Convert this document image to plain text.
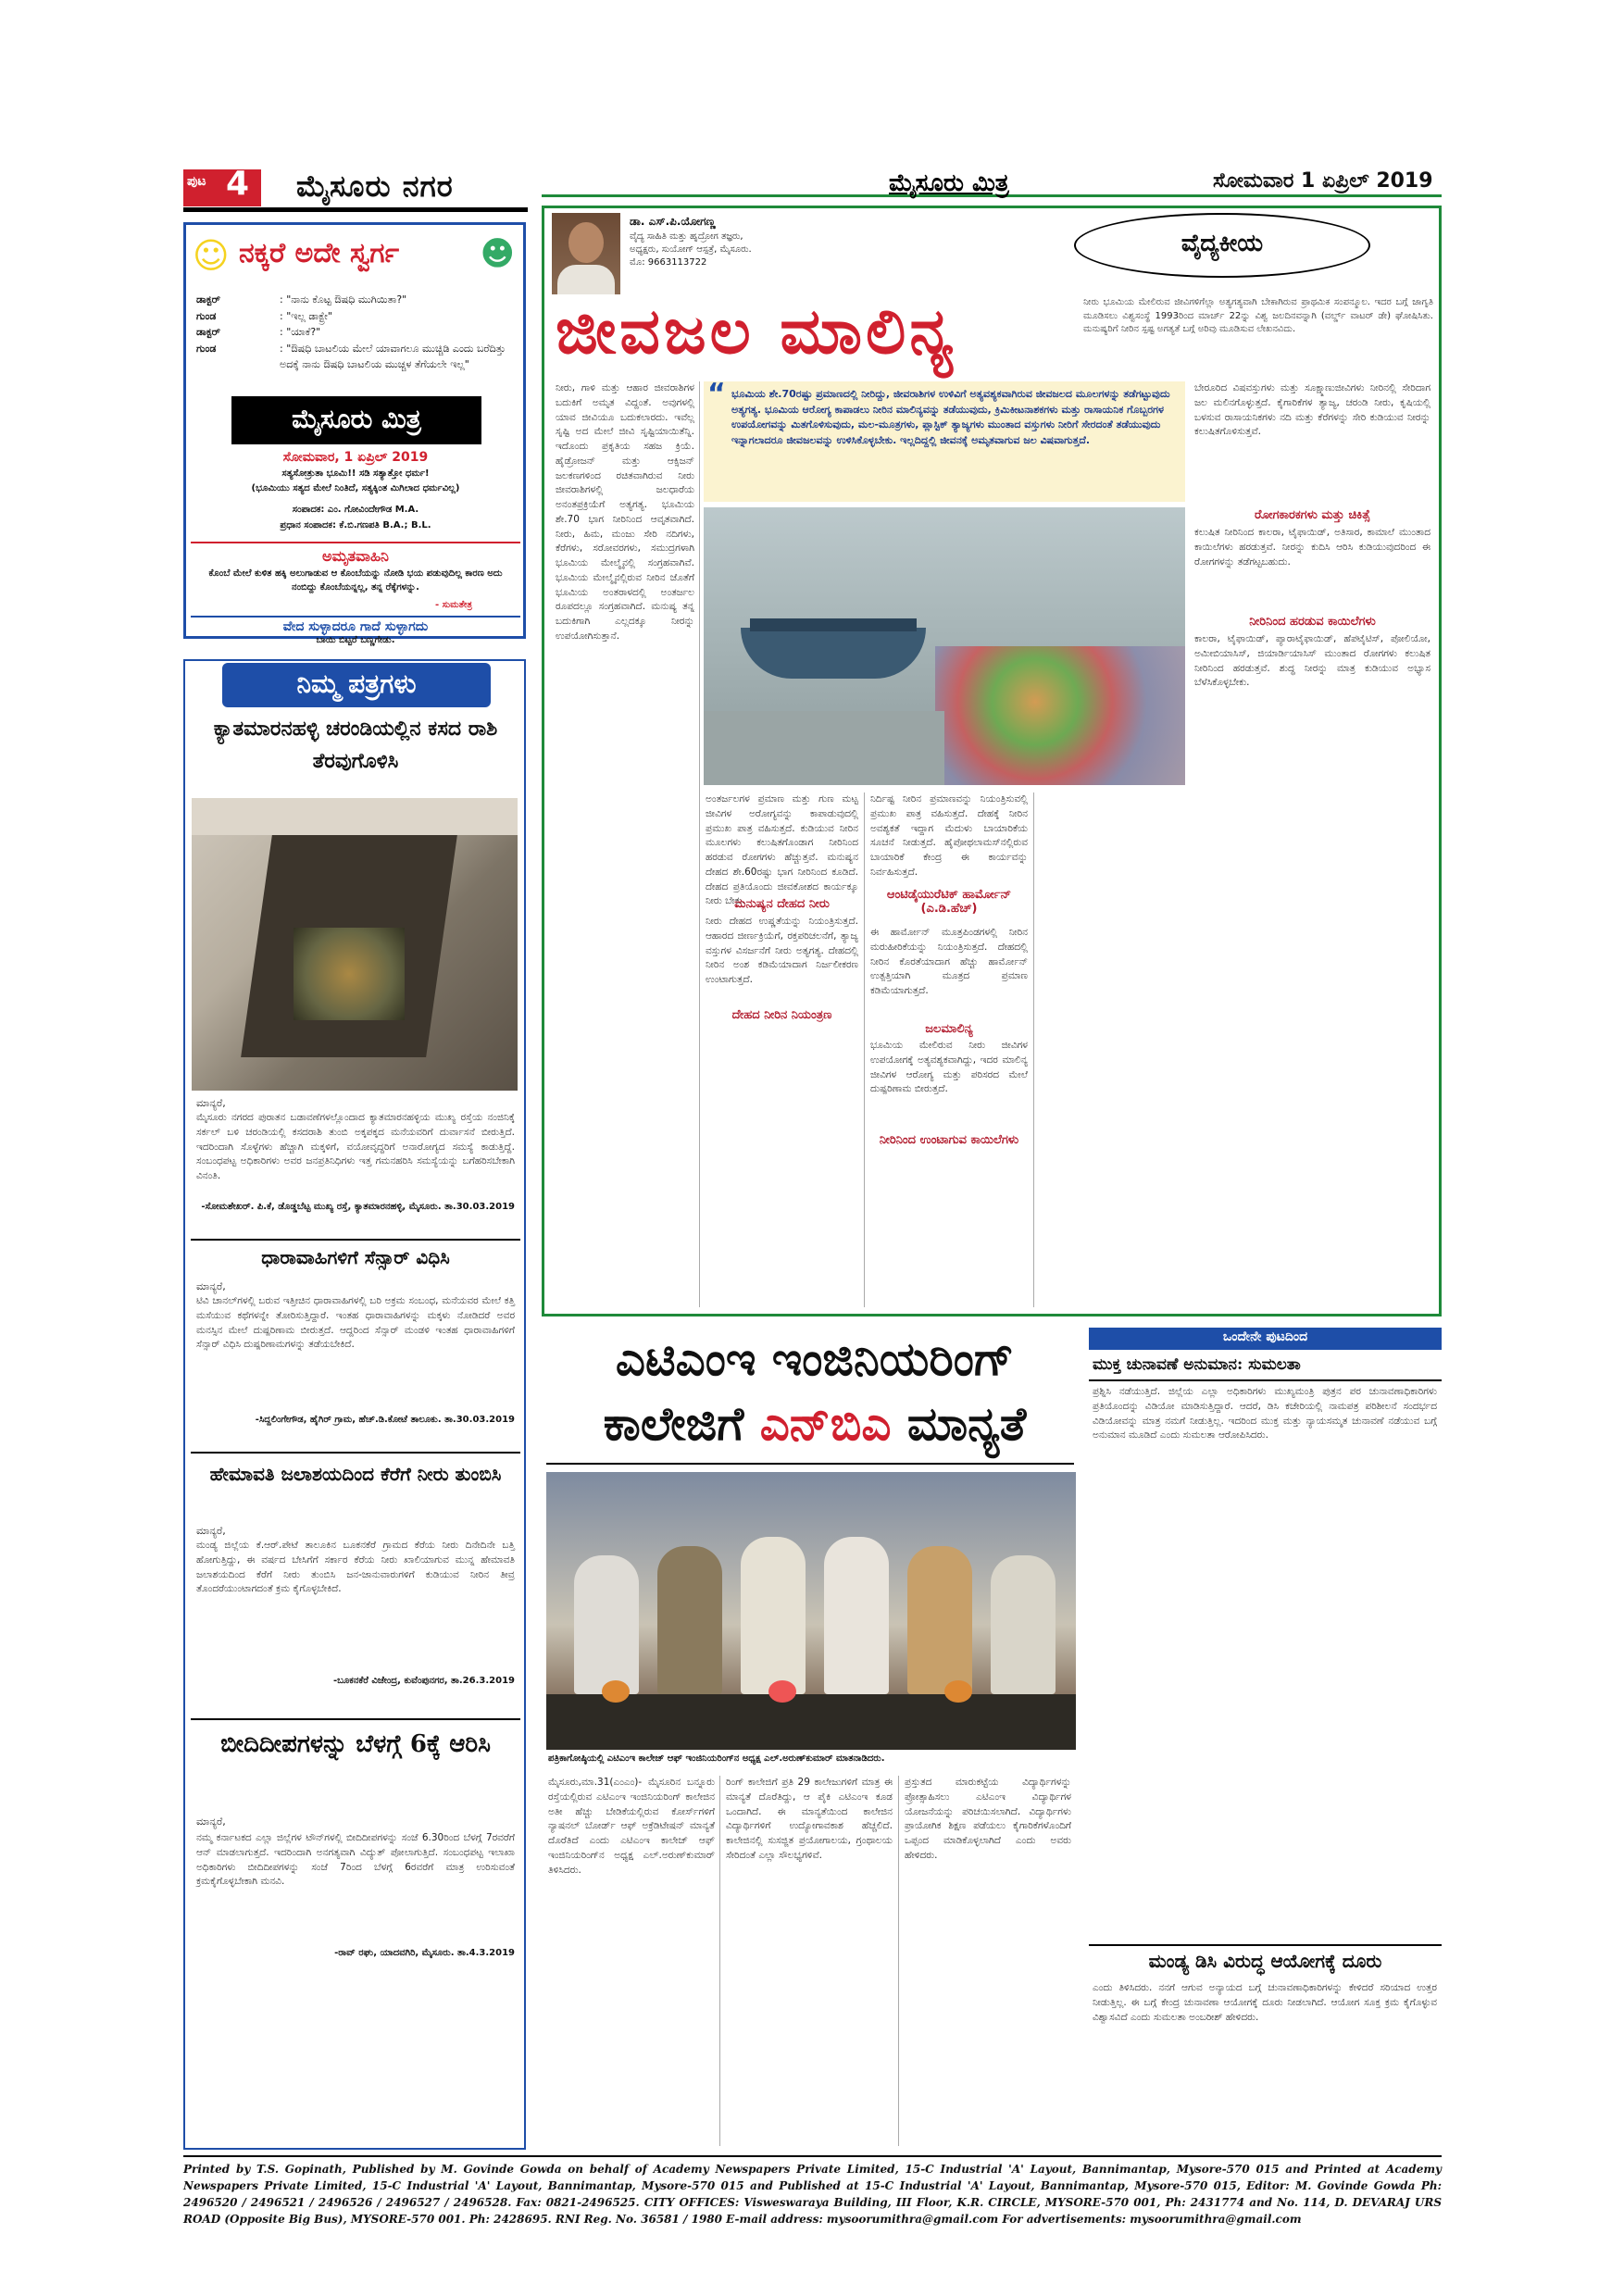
ಪುಟ 4 ಮೈಸೂರು ನಗರ	ಮೈಸೂರು ಮಿತ್ರ	ಸೋಮವಾರ 1 ಏಪ್ರಿಲ್ 2019
☺ ನಕ್ಕರೆ ಅದೇ ಸ್ವರ್ಗ ☻
ಡಾಕ್ಟರ್	: "ನಾನು ಕೊಟ್ಟ ಔಷಧಿ ಮುಗಿಯಿತಾ?"
ಗುಂಡ	: "ಇಲ್ಲ ಡಾಕ್ಟ್ರೇ"
ಡಾಕ್ಟರ್	: "ಯಾಕೆ?"
ಗುಂಡ	: "ಔಷಧಿ ಬಾಟಲಿಯ ಮೇಲೆ ಯಾವಾಗಲೂ ಮುಚ್ಚಿಡಿ ಎಂದು ಬರೆದಿತ್ತು ಅದಕ್ಕೆ ನಾನು ಔಷಧಿ ಬಾಟಲಿಯ ಮುಚ್ಚಳ ತೆಗೆಯಲೇ ಇಲ್ಲ"
ಮೈಸೂರು ಮಿತ್ರ
ಸೋಮವಾರ, 1 ಏಪ್ರಿಲ್ 2019
ಸತ್ಯಸೋತ್ರುತಾ ಭೂಮಿ!! ಸಡಿ ಸತ್ಯಾತ್ತೋ ಧರ್ಮ!
(ಭೂಮಿಯು ಸತ್ಯದ ಮೇಲೆ ನಿಂತಿದೆ, ಸತ್ಯಕ್ಕಿಂತ ಮಿಗಿಲಾದ ಧರ್ಮವಿಲ್ಲ)
ಸಂಪಾದಕ: ಎಂ. ಗೋವಿಂದೇಗೌಡ M.A.
ಪ್ರಧಾನ ಸಂಪಾದಕ: ಕೆ.ಬಿ.ಗಣಪತಿ B.A.; B.L.
ಅಮೃತವಾಹಿನಿ
ಕೊಂಬೆ ಮೇಲೆ ಕುಳಿತ ಹಕ್ಕಿ ಅಲುಗಾಡುವ ಆ ಕೊಂಬೆಯನ್ನು ನೋಡಿ ಭಯ ಪಡುವುದಿಲ್ಲ ಕಾರಣ ಅದು ನಂಬಿದ್ದು ಕೊಂಬೆಯನ್ನಲ್ಲ, ತನ್ನ ರೆಕ್ಕೆಗಳನ್ನು.
- ಸುಮತೇತ್ರ
ವೇದ ಸುಳ್ಳಾದರೂ ಗಾದೆ ಸುಳ್ಳಾಗದು
ಬಾಯಿ ಬಿಟ್ಟರೆ ಬಣ್ಣಗೇಡು.
ನಿಮ್ಮ ಪತ್ರಗಳು
ಕ್ಯಾತಮಾರನಹಳ್ಳಿ ಚರಂಡಿಯಲ್ಲಿನ ಕಸದ ರಾಶಿ ತೆರವುಗೊಳಿಸಿ
ಮಾನ್ಯರೆ,
ಮೈಸೂರು ನಗರದ ಪುರಾತನ ಬಡಾವಣೆಗಳಲ್ಲೊಂದಾದ ಕ್ಯಾತಮಾರನಹಳ್ಳಿಯ ಮುಖ್ಯ ರಸ್ತೆಯ ನಂಜಿನಿಕ್ಕೆ ಸರ್ಕಲ್ ಬಳಿ ಚರಂಡಿಯಲ್ಲಿ ಕಸದರಾಶಿ ತುಂಬಿ ಅಕ್ಕಪಕ್ಕದ ಮನೆಯವರಿಗೆ ದುರ್ವಾಸನೆ ಬೀರುತ್ತಿದೆ. ಇದರಿಂದಾಗಿ ಸೊಳ್ಳೆಗಳು ಹೆಚ್ಚಾಗಿ ಮಕ್ಕಳಿಗೆ, ವಯೋವೃದ್ಧರಿಗೆ ಅನಾರೋಗ್ಯದ ಸಮಸ್ಯೆ ಕಾಡುತ್ತಿದ್ದೆ. ಸಂಬಂಧಪಟ್ಟ ಅಧಿಕಾರಿಗಳು ಅವರ ಜನಪ್ರತಿನಿಧಿಗಳು ಇತ್ತ ಗಮನಹರಿಸಿ ಸಮಸ್ಯೆಯನ್ನು ಬಗೆಹರಿಸಬೇಕಾಗಿ ವಿನಂತಿ.
-ಸೋಮಶೇಖರ್. ಪಿ.ಕೆ, ಡೊಡ್ಡಬೆಟ್ಟ ಮುಖ್ಯ ರಸ್ತೆ, ಕ್ಯಾತಮಾರನಹಳ್ಳಿ, ಮೈಸೂರು. ತಾ.30.03.2019
ಧಾರಾವಾಹಿಗಳಿಗೆ ಸೆನ್ಸಾರ್ ವಿಧಿಸಿ
ಮಾನ್ಯರೆ,
ಟಿವಿ ಚಾನಲ್‌ಗಳಲ್ಲಿ ಬರುವ ಇತ್ತೀಚಿನ ಧಾರಾವಾಹಿಗಳಲ್ಲಿ ಬರಿ ಅಕ್ರಮ ಸಂಬಂಧ, ಮನೆಯವರ ಮೇಲೆ ಕತ್ತಿ ಮಸೆಯುವ ಕಥೆಗಳನ್ನೇ ತೋರಿಸುತ್ತಿದ್ದಾರೆ. ಇಂತಹ ಧಾರಾವಾಹಿಗಳನ್ನು ಮಕ್ಕಳು ನೋಡಿದರೆ ಅವರ ಮನಸ್ಸಿನ ಮೇಲೆ ದುಷ್ಪರಿಣಾಮ ಬೀರುತ್ತದೆ. ಆದ್ದರಿಂದ ಸೆನ್ಸಾರ್ ಮಂಡಳಿ ಇಂತಹ ಧಾರಾವಾಹಿಗಳಿಗೆ ಸೆನ್ಸಾರ್ ವಿಧಿಸಿ ದುಷ್ಪರಿಣಾಮಗಳನ್ನು ತಡೆಯಬೇಕಿದೆ.
-ಸಿದ್ದಲಿಂಗೇಗೌಡ, ಹೈಗಿರ್ ಗ್ರಾಮ, ಹೆಚ್.ಡಿ.ಕೋಟೆ ತಾಲೂಕು. ತಾ.30.03.2019
ಹೇಮಾವತಿ ಜಲಾಶಯದಿಂದ ಕೆರೆಗೆ ನೀರು ತುಂಬಿಸಿ
ಮಾನ್ಯರೆ,
ಮಂಡ್ಯ ಜಿಲ್ಲೆಯ ಕೆ.ಆರ್.ಪೇಟೆ ತಾಲೂಕಿನ ಬೂಕನಕೆರೆ ಗ್ರಾಮದ ಕೆರೆಯ ನೀರು ದಿನೇದಿನೇ ಬತ್ತಿ ಹೋಗುತ್ತಿದ್ದು, ಈ ವರ್ಷದ ಬೇಸಿಗೆಗೆ ಸರ್ಕಾರ ಕೆರೆಯ ನೀರು ಖಾಲಿಯಾಗುವ ಮುನ್ನ ಹೇಮಾವತಿ ಜಲಾಶಯದಿಂದ ಕೆರೆಗೆ ನೀರು ತುಂಬಿಸಿ ಜನ-ಜಾನುವಾರುಗಳಿಗೆ ಕುಡಿಯುವ ನೀರಿನ ತೀವ್ರ ತೊಂದರೆಯುಂಟಾಗದಂತೆ ಕ್ರಮ ಕೈಗೊಳ್ಳಬೇಕಿದೆ.
-ಬೂಕನಕೆರೆ ವಿಜೇಂದ್ರ, ಕುವೆಂಪುನಗರ, ತಾ.26.3.2019
ಬೀದಿದೀಪಗಳನ್ನು ಬೆಳಗ್ಗೆ 6ಕ್ಕೆ ಆರಿಸಿ
ಮಾನ್ಯರೆ,
ನಮ್ಮ ಕರ್ನಾಟಕದ ಎಲ್ಲಾ ಜಿಲ್ಲೆಗಳ ಟೌನ್‌ಗಳಲ್ಲಿ ಬೀದಿದೀಪಗಳನ್ನು ಸಂಜೆ 6.30ರಿಂದ ಬೆಳಗ್ಗೆ 7ರವರೆಗೆ ಆನ್ ಮಾಡಲಾಗುತ್ತದೆ. ಇದರಿಂದಾಗಿ ಅನಗತ್ಯವಾಗಿ ವಿದ್ಯುತ್ ಪೋಲಾಗುತ್ತಿದೆ. ಸಂಬಂಧಪಟ್ಟ ಇಲಾಖಾ ಅಧಿಕಾರಿಗಳು ಬೀದಿದೀಪಗಳನ್ನು ಸಂಜೆ 7ರಿಂದ ಬೆಳಗ್ಗೆ 6ರವರೆಗೆ ಮಾತ್ರ ಉರಿಸುವಂತೆ ಕ್ರಮಕೈಗೊಳ್ಳಬೇಕಾಗಿ ಮನವಿ.
-ರಾವ್ ರಘು, ಯಾದವಗಿರಿ, ಮೈಸೂರು. ತಾ.4.3.2019
ಡಾ. ಎಸ್.ಪಿ.ಯೋಗಣ್ಣ
ವೈದ್ಯ ಸಾಹಿತಿ ಮತ್ತು ಹೃದ್ರೋಗ ತಜ್ಞರು,
ಅಧ್ಯಕ್ಷರು, ಸುಯೋಗ್ ಆಸ್ಪತ್ರೆ, ಮೈಸೂರು.
ಮೊ: 9663113722
ವೈದ್ಯಕೀಯ
ಜೀವಜಲ ಮಾಲಿನ್ಯ	ನೀರು ಭೂಮಿಯ ಮೇಲಿರುವ ಜೀವಿಗಳಿಗೆಲ್ಲಾ ಅತ್ಯಗತ್ಯವಾಗಿ ಬೇಕಾಗಿರುವ ಪ್ರಾಥಮಿಕ ಸಂಪನ್ಮೂಲ. ಇದರ ಬಗ್ಗೆ ಜಾಗೃತಿ ಮೂಡಿಸಲು ವಿಶ್ವಸಂಸ್ಥೆ 1993ರಿಂದ ಮಾರ್ಚ್ 22ನ್ನು ವಿಶ್ವ ಜಲದಿನವನ್ನಾಗಿ (ವರ್ಲ್ಡ್ ವಾಟರ್ ಡೇ) ಘೋಷಿಸಿತು. ಮನುಷ್ಯರಿಗೆ ನೀರಿನ ಸ್ಪಷ್ಟ ಅಗತ್ಯತೆ ಬಗ್ಗೆ ಅರಿವು ಮೂಡಿಸುವ ಲೇಖನವಿದು.
“ ಭೂಮಿಯ ಶೇ.70ರಷ್ಟು ಪ್ರಮಾಣದಲ್ಲಿ ನೀರಿದ್ದು, ಜೀವರಾಶಿಗಳ ಉಳಿವಿಗೆ ಅತ್ಯವಶ್ಯಕವಾಗಿರುವ ಜೀವಜಲದ ಮೂಲಗಳನ್ನು ತಡೆಗಟ್ಟುವುದು ಅತ್ಯಗತ್ಯ. ಭೂಮಿಯ ಆರೋಗ್ಯ ಕಾಪಾಡಲು ನೀರಿನ ಮಾಲಿನ್ಯವನ್ನು ತಡೆಯುವುದು, ಕ್ರಿಮಿಕೀಟನಾಶಕಗಳು ಮತ್ತು ರಾಸಾಯನಿಕ ಗೊಬ್ಬರಗಳ ಉಪಯೋಗವನ್ನು ಮಿತಗೊಳಿಸುವುದು, ಮಲ-ಮೂತ್ರಗಳು, ಪ್ಲಾಸ್ಟಿಕ್ ತ್ಯಾಜ್ಯಗಳು ಮುಂತಾದ ವಸ್ತುಗಳು ನೀರಿಗೆ ಸೇರದಂತೆ ತಡೆಯುವುದು ಇನ್ನಾಗಲಾದರೂ ಜೀವಜಲವನ್ನು ಉಳಿಸಿಕೊಳ್ಳಬೇಕು. ಇಲ್ಲದಿದ್ದಲ್ಲಿ ಜೀವನಕ್ಕೆ ಅಮೃತವಾಗುವ ಜಲ ವಿಷವಾಗುತ್ತದೆ.
ನೀರು, ಗಾಳಿ ಮತ್ತು ಆಹಾರ ಜೀವರಾಶಿಗಳ ಬದುಕಿಗೆ ಅಮೃತ ವಿದ್ದಂತೆ. ಅವುಗಳಲ್ಲಿ ಯಾವ ಜೀವಿಯೂ ಬದುಕಲಾರದು. ಇವೆಲ್ಲ ಸೃಷ್ಟಿ ಅದ ಮೇಲೆ ಜೀವಿ ಸೃಷ್ಟಿಯಾಯಿತೆನ್ನಿ. ಇದೊಂದು ಪ್ರಕೃತಿಯ ಸಹಜ ಕ್ರಿಯೆ. ಹೈಡ್ರೋಜನ್ ಮತ್ತು ಆಕ್ಸಿಜನ್ ಜಲಕಣಗಳಿಂದ ರಚಿತವಾಗಿರುವ ನೀರು ಜೀವರಾಶಿಗಳಲ್ಲಿ ಜಲಧಾರೆಯ ಅನಂತಪ್ರಕ್ರಿಯೆಗೆ ಅತ್ಯಗತ್ಯ. ಭೂಮಿಯ ಶೇ.70 ಭಾಗ ನೀರಿನಿಂದ ಆವೃತವಾಗಿದೆ. ನೀರು, ಹಿಮ, ಮಂಜು ಸೇರಿ ನದಿಗಳು, ಕೆರೆಗಳು, ಸರೋವರಗಳು, ಸಮುದ್ರಗಳಾಗಿ ಭೂಮಿಯ ಮೇಲ್ಮೈನಲ್ಲಿ ಸಂಗ್ರಹವಾಗಿವೆ. ಭೂಮಿಯ ಮೇಲ್ಮೈನಲ್ಲಿರುವ ನೀರಿನ ಜೊತೆಗೆ ಭೂಮಿಯ ಅಂತರಾಳದಲ್ಲಿ ಅಂತರ್ಜಲ ರೂಪದಲ್ಲೂ ಸಂಗ್ರಹವಾಗಿದೆ. ಮನುಷ್ಯ ತನ್ನ ಬದುಕಿಗಾಗಿ ಎಲ್ಲದಕ್ಕೂ ನೀರನ್ನು ಉಪಯೋಗಿಸುತ್ತಾನೆ.
ಅಂತರ್ಜಲಗಳ ಪ್ರಮಾಣ ಮತ್ತು ಗುಣ ಮಟ್ಟ ಜೀವಿಗಳ ಅರೋಗ್ಯವನ್ನು ಕಾಪಾಡುವುದಲ್ಲಿ ಪ್ರಮುಖ ಪಾತ್ರ ವಹಿಸುತ್ತದೆ. ಕುಡಿಯುವ ನೀರಿನ ಮೂಲಗಳು ಕಲುಷಿತಗೊಂಡಾಗ ನೀರಿನಿಂದ ಹರಡುವ ರೋಗಗಳು ಹೆಚ್ಚುತ್ತವೆ. ಮನುಷ್ಯನ ದೇಹದ ಶೇ.60ರಷ್ಟು ಭಾಗ ನೀರಿನಿಂದ ಕೂಡಿದೆ. ದೇಹದ ಪ್ರತಿಯೊಂದು ಜೀವಕೋಶದ ಕಾರ್ಯಕ್ಕೂ ನೀರು ಬೇಕು.
ಮನುಷ್ಯನ ದೇಹದ ನೀರು
ನೀರು ದೇಹದ ಉಷ್ಣತೆಯನ್ನು ನಿಯಂತ್ರಿಸುತ್ತದೆ. ಆಹಾರದ ಜೀರ್ಣಕ್ರಿಯೆಗೆ, ರಕ್ತಪರಿಚಲನೆಗೆ, ತ್ಯಾಜ್ಯ ವಸ್ತುಗಳ ವಿಸರ್ಜನೆಗೆ ನೀರು ಅತ್ಯಗತ್ಯ. ದೇಹದಲ್ಲಿ ನೀರಿನ ಅಂಶ ಕಡಿಮೆಯಾದಾಗ ನಿರ್ಜಲೀಕರಣ ಉಂಟಾಗುತ್ತದೆ.
ದೇಹದ ನೀರಿನ ನಿಯಂತ್ರಣ
ನಿರ್ದಿಷ್ಟ ನೀರಿನ ಪ್ರಮಾಣವನ್ನು ನಿಯಂತ್ರಿಸುವಲ್ಲಿ ಪ್ರಮುಖ ಪಾತ್ರ ವಹಿಸುತ್ತದೆ. ದೇಹಕ್ಕೆ ನೀರಿನ ಅವಶ್ಯಕತೆ ಇದ್ದಾಗ ಮೆದುಳು ಬಾಯಾರಿಕೆಯ ಸೂಚನೆ ನೀಡುತ್ತದೆ. ಹೈಪೋಥಲಾಮಸ್‌ನಲ್ಲಿರುವ ಬಾಯಾರಿಕೆ ಕೇಂದ್ರ ಈ ಕಾರ್ಯವನ್ನು ನಿರ್ವಹಿಸುತ್ತದೆ.
ಆಂಟಿಡೈಯುರೆಟಿಕ್ ಹಾರ್ಮೋನ್ (ಎ.ಡಿ.ಹೆಚ್)
ಈ ಹಾರ್ಮೋನ್ ಮೂತ್ರಪಿಂಡಗಳಲ್ಲಿ ನೀರಿನ ಮರುಹೀರಿಕೆಯನ್ನು ನಿಯಂತ್ರಿಸುತ್ತದೆ. ದೇಹದಲ್ಲಿ ನೀರಿನ ಕೊರತೆಯಾದಾಗ ಹೆಚ್ಚು ಹಾರ್ಮೋನ್ ಉತ್ಪತ್ತಿಯಾಗಿ ಮೂತ್ರದ ಪ್ರಮಾಣ ಕಡಿಮೆಯಾಗುತ್ತದೆ.
ಜಲಮಾಲಿನ್ಯ
ಭೂಮಿಯ ಮೇಲಿರುವ ನೀರು ಜೀವಿಗಳ ಉಪಯೋಗಕ್ಕೆ ಅತ್ಯವಶ್ಯಕವಾಗಿದ್ದು, ಇದರ ಮಾಲಿನ್ಯ ಜೀವಿಗಳ ಆರೋಗ್ಯ ಮತ್ತು ಪರಿಸರದ ಮೇಲೆ ದುಷ್ಪರಿಣಾಮ ಬೀರುತ್ತದೆ.
ನೀರಿನಿಂದ ಉಂಟಾಗುವ ಕಾಯಿಲೆಗಳು
ಬೇರೂರಿದ ವಿಷವಸ್ತುಗಳು ಮತ್ತು ಸೂಕ್ಷ್ಮಾಣುಜೀವಿಗಳು ನೀರಿನಲ್ಲಿ ಸೇರಿದಾಗ ಜಲ ಮಲಿನಗೊಳ್ಳುತ್ತದೆ. ಕೈಗಾರಿಕೆಗಳ ತ್ಯಾಜ್ಯ, ಚರಂಡಿ ನೀರು, ಕೃಷಿಯಲ್ಲಿ ಬಳಸುವ ರಾಸಾಯನಿಕಗಳು ನದಿ ಮತ್ತು ಕೆರೆಗಳನ್ನು ಸೇರಿ ಕುಡಿಯುವ ನೀರನ್ನು ಕಲುಷಿತಗೊಳಿಸುತ್ತವೆ.
ರೋಗಕಾರಕಗಳು ಮತ್ತು ಚಿಕಿತ್ಸೆ
ಕಲುಷಿತ ನೀರಿನಿಂದ ಕಾಲರಾ, ಟೈಫಾಯಿಡ್, ಅತಿಸಾರ, ಕಾಮಾಲೆ ಮುಂತಾದ ಕಾಯಿಲೆಗಳು ಹರಡುತ್ತವೆ. ನೀರನ್ನು ಕುದಿಸಿ ಆರಿಸಿ ಕುಡಿಯುವುದರಿಂದ ಈ ರೋಗಗಳನ್ನು ತಡೆಗಟ್ಟಬಹುದು.
ನೀರಿನಿಂದ ಹರಡುವ ಕಾಯಿಲೆಗಳು
ಕಾಲರಾ, ಟೈಫಾಯಿಡ್, ಪ್ಯಾರಾಟೈಫಾಯಿಡ್, ಹೆಪಟೈಟಿಸ್, ಪೋಲಿಯೋ, ಅಮೀಬಿಯಾಸಿಸ್, ಜಿಯಾರ್ಡಿಯಾಸಿಸ್ ಮುಂತಾದ ರೋಗಗಳು ಕಲುಷಿತ ನೀರಿನಿಂದ ಹರಡುತ್ತವೆ. ಶುದ್ಧ ನೀರನ್ನು ಮಾತ್ರ ಕುಡಿಯುವ ಅಭ್ಯಾಸ ಬೆಳೆಸಿಕೊಳ್ಳಬೇಕು.
ಎಟಿಎಂಇ ಇಂಜಿನಿಯರಿಂಗ್
ಕಾಲೇಜಿಗೆ ಎನ್‌ಬಿಎ ಮಾನ್ಯತೆ
ಪತ್ರಿಕಾಗೋಷ್ಠಿಯಲ್ಲಿ ಎಟಿಎಂಇ ಕಾಲೇಜ್ ಆಫ್ ಇಂಜಿನಿಯರಿಂಗ್‌ನ ಅಧ್ಯಕ್ಷ ಎಲ್.ಅರುಣ್‌ಕುಮಾರ್ ಮಾತನಾಡಿದರು.
ಮೈಸೂರು,ಮಾ.31(ಎಂಎಂ)- ಮೈಸೂರಿನ ಬನ್ನೂರು ರಸ್ತೆಯಲ್ಲಿರುವ ಎಟಿಎಂಇ ಇಂಜಿನಿಯರಿಂಗ್ ಕಾಲೇಜಿನ ಅತೀ ಹೆಚ್ಚು ಬೇಡಿಕೆಯಲ್ಲಿರುವ ಕೋರ್ಸ್‌ಗಳಿಗೆ ನ್ಯಾಷನಲ್ ಬೋರ್ಡ್ ಆಫ್ ಅಕ್ರೆಡಿಟೇಷನ್ ಮಾನ್ಯತೆ ದೊರೆತಿದೆ ಎಂದು ಎಟಿಎಂಇ ಕಾಲೇಜ್ ಆಫ್ ಇಂಜಿನಿಯರಿಂಗ್‌ನ ಅಧ್ಯಕ್ಷ ಎಲ್.ಅರುಣ್‌ಕುಮಾರ್ ತಿಳಿಸಿದರು.
ರಿಂಗ್ ಕಾಲೇಜಿಗೆ ಪ್ರತಿ 29 ಕಾಲೇಜುಗಳಿಗೆ ಮಾತ್ರ ಈ ಮಾನ್ಯತೆ ದೊರೆತಿದ್ದು, ಆ ಪೈಕಿ ಎಟಿಎಂಇ ಕೂಡ ಒಂದಾಗಿದೆ. ಈ ಮಾನ್ಯತೆಯಿಂದ ಕಾಲೇಜಿನ ವಿದ್ಯಾರ್ಥಿಗಳಿಗೆ ಉದ್ಯೋಗಾವಕಾಶ ಹೆಚ್ಚಲಿದೆ. ಕಾಲೇಜಿನಲ್ಲಿ ಸುಸಜ್ಜಿತ ಪ್ರಯೋಗಾಲಯ, ಗ್ರಂಥಾಲಯ ಸೇರಿದಂತೆ ಎಲ್ಲಾ ಸೌಲಭ್ಯಗಳಿವೆ.
ಪ್ರಸ್ತುತದ ಮಾರುಕಟ್ಟೆಯ ವಿದ್ಯಾರ್ಥಿಗಳನ್ನು ಪ್ರೋತ್ಸಾಹಿಸಲು ಎಟಿಎಂಇ ವಿದ್ಯಾರ್ಥಿಗಳ ಯೋಜನೆಯನ್ನು ಪರಿಚಯಿಸಲಾಗಿದೆ. ವಿದ್ಯಾರ್ಥಿಗಳು ಪ್ರಾಯೋಗಿಕ ಶಿಕ್ಷಣ ಪಡೆಯಲು ಕೈಗಾರಿಕೆಗಳೊಂದಿಗೆ ಒಪ್ಪಂದ ಮಾಡಿಕೊಳ್ಳಲಾಗಿದೆ ಎಂದು ಅವರು ಹೇಳಿದರು.
ಒಂದೇನೇ ಪುಟದಿಂದ
ಮುಕ್ತ ಚುನಾವಣೆ ಅನುಮಾನ: ಸುಮಲತಾ
ಪ್ರಶ್ನಿಸಿ ನಡೆಯುತ್ತಿದೆ. ಜಿಲ್ಲೆಯ ಎಲ್ಲಾ ಅಧಿಕಾರಿಗಳು ಮುಖ್ಯಮಂತ್ರಿ ಪುತ್ರನ ಪರ ಚುನಾವಣಾಧಿಕಾರಿಗಳು ಪ್ರತಿಯೊಂದನ್ನು ವಿಡಿಯೋ ಮಾಡಿಸುತ್ತಿದ್ದಾರೆ. ಆದರೆ, ಡಿಸಿ ಕಚೇರಿಯಲ್ಲಿ ನಾಮಪತ್ರ ಪರಿಶೀಲನೆ ಸಂದರ್ಭದ ವಿಡಿಯೋವನ್ನು ಮಾತ್ರ ನಮಗೆ ನೀಡುತ್ತಿಲ್ಲ. ಇದರಿಂದ ಮುಕ್ತ ಮತ್ತು ನ್ಯಾಯಸಮ್ಮತ ಚುನಾವಣೆ ನಡೆಯುವ ಬಗ್ಗೆ ಅನುಮಾನ ಮೂಡಿದೆ ಎಂದು ಸುಮಲತಾ ಆರೋಪಿಸಿದರು.
ಮಂಡ್ಯ ಡಿಸಿ ವಿರುದ್ಧ ಆಯೋಗಕ್ಕೆ ದೂರು
ಎಂದು ತಿಳಿಸಿದರು. ನನಗೆ ಆಗುವ ಅನ್ಯಾಯದ ಬಗ್ಗೆ ಚುನಾವಣಾಧಿಕಾರಿಗಳನ್ನು ಕೇಳಿದರೆ ಸರಿಯಾದ ಉತ್ತರ ನೀಡುತ್ತಿಲ್ಲ. ಈ ಬಗ್ಗೆ ಕೇಂದ್ರ ಚುನಾವಣಾ ಆಯೋಗಕ್ಕೆ ದೂರು ನೀಡಲಾಗಿದೆ. ಆಯೋಗ ಸೂಕ್ತ ಕ್ರಮ ಕೈಗೊಳ್ಳುವ ವಿಶ್ವಾಸವಿದೆ ಎಂದು ಸುಮಲತಾ ಅಂಬರೀಶ್ ಹೇಳಿದರು.
Printed by T.S. Gopinath, Published by M. Govinde Gowda on behalf of Academy Newspapers Private Limited, 15-C Industrial 'A' Layout, Bannimantap, Mysore-570 015 and Printed at Academy Newspapers Private Limited, 15-C Industrial 'A' Layout, Bannimantap, Mysore-570 015 and Published at 15-C Industrial 'A' Layout, Bannimantap, Mysore-570 015, Editor: M. Govinde Gowda Ph: 2496520 / 2496521 / 2496526 / 2496527 / 2496528. Fax: 0821-2496525. CITY OFFICES: Visweswaraya Building, III Floor, K.R. CIRCLE, MYSORE-570 001, Ph: 2431774 and No. 114, D. DEVARAJ URS ROAD (Opposite Big Bus), MYSORE-570 001. Ph: 2428695. RNI Reg. No. 36581 / 1980 E-mail address: mysoorumithra@gmail.com For advertisements: mysoorumithra@gmail.com
